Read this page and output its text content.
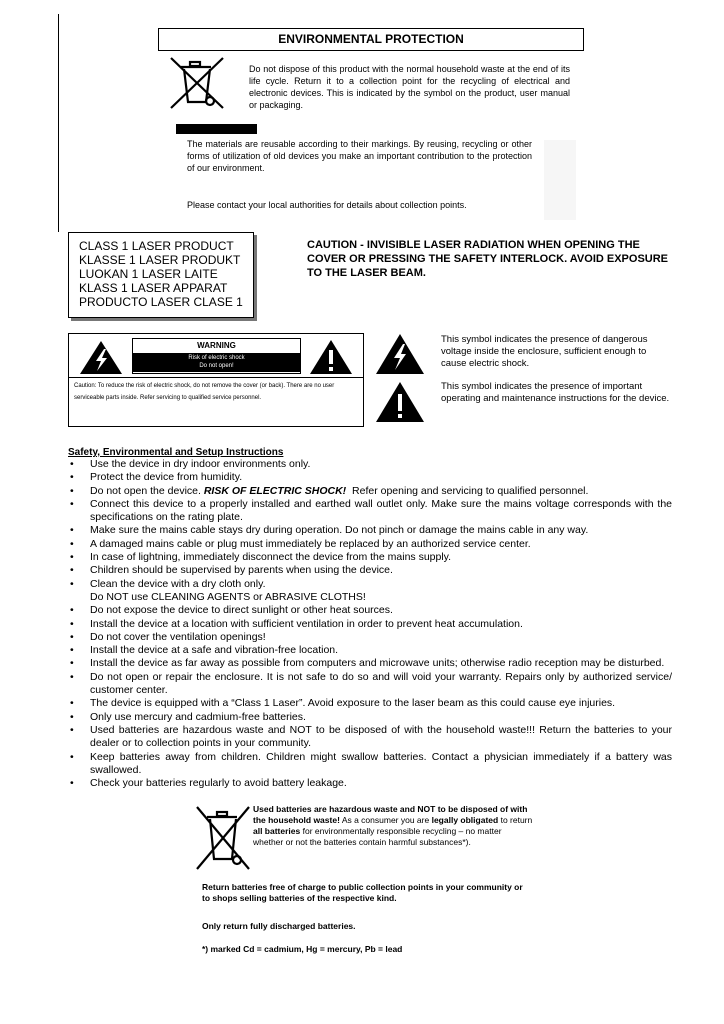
ENVIRONMENTAL PROTECTION
Do not dispose of this product with the normal household waste at the end of its life cycle. Return it to a collection point for the recycling of electrical and electronic devices. This is indicated by the symbol on the product, user manual or packaging.
The materials are reusable according to their markings. By reusing, recycling or other forms of utilization of old devices you make an important contribution to the protection of our environment.
Please contact your local authorities for details about collection points.
CLASS 1 LASER PRODUCT
KLASSE 1 LASER PRODUKT
LUOKAN 1 LASER LAITE
KLASS 1 LASER APPARAT
PRODUCTO LASER CLASE 1
CAUTION - INVISIBLE LASER RADIATION WHEN OPENING THE COVER OR PRESSING THE SAFETY INTERLOCK. AVOID EXPOSURE TO THE LASER BEAM.
WARNING
Risk of electric shock
Do not open!
Caution: To reduce the risk of electric shock, do not remove the cover (or back). There are no user serviceable parts inside. Refer servicing to qualified service personnel.
This symbol indicates the presence of dangerous voltage inside the enclosure, sufficient enough to cause electric shock.
This symbol indicates the presence of important operating and maintenance instructions for the device.
Safety, Environmental and Setup Instructions
• Use the device in dry indoor environments only.
• Protect the device from humidity.
• Do not open the device. RISK OF ELECTRIC SHOCK! Refer opening and servicing to qualified personnel.
• Connect this device to a properly installed and earthed wall outlet only. Make sure the mains voltage corresponds with the specifications on the rating plate.
• Make sure the mains cable stays dry during operation. Do not pinch or damage the mains cable in any way.
• A damaged mains cable or plug must immediately be replaced by an authorized service center.
• In case of lightning, immediately disconnect the device from the mains supply.
• Children should be supervised by parents when using the device.
• Clean the device with a dry cloth only.
Do NOT use CLEANING AGENTS or ABRASIVE CLOTHS!
• Do not expose the device to direct sunlight or other heat sources.
• Install the device at a location with sufficient ventilation in order to prevent heat accumulation.
• Do not cover the ventilation openings!
• Install the device at a safe and vibration-free location.
• Install the device as far away as possible from computers and microwave units; otherwise radio reception may be disturbed.
• Do not open or repair the enclosure. It is not safe to do so and will void your warranty. Repairs only by authorized service/ customer center.
• The device is equipped with a “Class 1 Laser”. Avoid exposure to the laser beam as this could cause eye injuries.
• Only use mercury and cadmium-free batteries.
• Used batteries are hazardous waste and NOT to be disposed of with the household waste!!! Return the batteries to your dealer or to collection points in your community.
• Keep batteries away from children. Children might swallow batteries. Contact a physician immediately if a battery was swallowed.
• Check your batteries regularly to avoid battery leakage.
Used batteries are hazardous waste and NOT to be disposed of with the household waste! As a consumer you are legally obligated to return all batteries for environmentally responsible recycling – no matter whether or not the batteries contain harmful substances*).
Return batteries free of charge to public collection points in your community or to shops selling batteries of the respective kind.
Only return fully discharged batteries.
*) marked Cd = cadmium, Hg = mercury, Pb = lead
